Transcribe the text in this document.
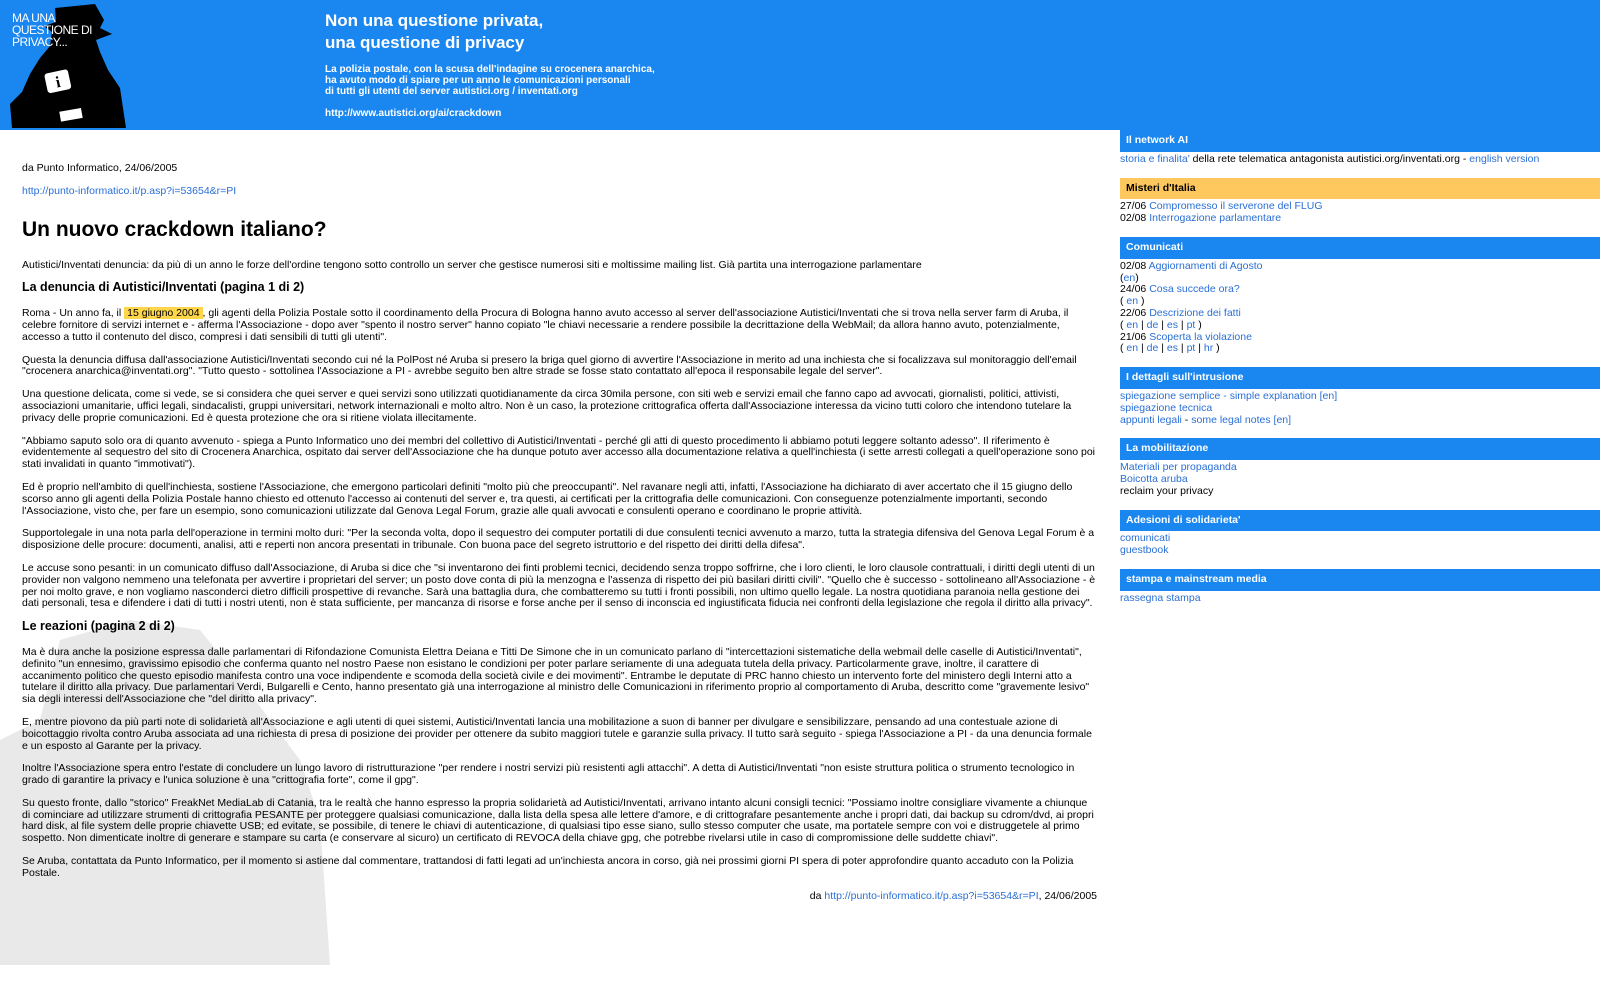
i
MA UNA QUESTIONE DI PRIVACY...
Non una questione privata,
una questione di privacy
La polizia postale, con la scusa dell'indagine su crocenera anarchica,
ha avuto modo di spiare per un anno le comunicazioni personali
di tutti gli utenti del server autistici.org / inventati.org
http://www.autistici.org/ai/crackdown

da Punto Informatico, 24/06/2005

http://punto-informatico.it/p.asp?i=53654&r=PI

Un nuovo crackdown italiano?

Autistici/Inventati denuncia: da più di un anno le forze dell'ordine tengono sotto controllo un server che gestisce numerosi siti e moltissime mailing list. Già partita una interrogazione parlamentare

La denuncia di Autistici/Inventati (pagina 1 di 2)

Roma - Un anno fa, il 15 giugno 2004 , gli agenti della Polizia Postale sotto il coordinamento della Procura di Bologna hanno avuto accesso al server dell'associazione Autistici/Inventati che si trova nella server farm di Aruba, il celebre fornitore di servizi internet e - afferma l'Associazione - dopo aver "spento il nostro server" hanno copiato "le chiavi necessarie a rendere possibile la decrittazione della WebMail; da allora hanno avuto, potenzialmente, accesso a tutto il contenuto del disco, compresi i dati sensibili di tutti gli utenti".

Questa la denuncia diffusa dall'associazione Autistici/Inventati secondo cui né la PolPost né Aruba si presero la briga quel giorno di avvertire l'Associazione in merito ad una inchiesta che si focalizzava sul monitoraggio dell'email "crocenera anarchica@inventati.org". "Tutto questo - sottolinea l'Associazione a PI - avrebbe seguito ben altre strade se fosse stato contattato all'epoca il responsabile legale del server".

Una questione delicata, come si vede, se si considera che quei server e quei servizi sono utilizzati quotidianamente da circa 30mila persone, con siti web e servizi email che fanno capo ad avvocati, giornalisti, politici, attivisti, associazioni umanitarie, uffici legali, sindacalisti, gruppi universitari, network internazionali e molto altro. Non è un caso, la protezione crittografica offerta dall'Associazione interessa da vicino tutti coloro che intendono tutelare la privacy delle proprie comunicazioni. Ed è questa protezione che ora si ritiene violata illecitamente.

"Abbiamo saputo solo ora di quanto avvenuto - spiega a Punto Informatico uno dei membri del collettivo di Autistici/Inventati - perché gli atti di questo procedimento li abbiamo potuti leggere soltanto adesso". Il riferimento è evidentemente al sequestro del sito di Crocenera Anarchica, ospitato dai server dell'Associazione che ha dunque potuto aver accesso alla documentazione relativa a quell'inchiesta (i sette arresti collegati a quell'operazione sono poi stati invalidati in quanto "immotivati").

Ed è proprio nell'ambito di quell'inchiesta, sostiene l'Associazione, che emergono particolari definiti "molto più che preoccupanti". Nel ravanare negli atti, infatti, l'Associazione ha dichiarato di aver accertato che il 15 giugno dello scorso anno gli agenti della Polizia Postale hanno chiesto ed ottenuto l'accesso ai contenuti del server e, tra questi, ai certificati per la crittografia delle comunicazioni. Con conseguenze potenzialmente importanti, secondo l'Associazione, visto che, per fare un esempio, sono comunicazioni utilizzate dal Genova Legal Forum, grazie alle quali avvocati e consulenti operano e coordinano le proprie attività.

Supportolegale in una nota parla dell'operazione in termini molto duri: "Per la seconda volta, dopo il sequestro dei computer portatili di due consulenti tecnici avvenuto a marzo, tutta la strategia difensiva del Genova Legal Forum è a disposizione delle procure: documenti, analisi, atti e reperti non ancora presentati in tribunale. Con buona pace del segreto istruttorio e del rispetto dei diritti della difesa".

Le accuse sono pesanti: in un comunicato diffuso dall'Associazione, di Aruba si dice che "si inventarono dei finti problemi tecnici, decidendo senza troppo soffrirne, che i loro clienti, le loro clausole contrattuali, i diritti degli utenti di un provider non valgono nemmeno una telefonata per avvertire i proprietari del server; un posto dove conta di più la menzogna e l'assenza di rispetto dei più basilari diritti civili". "Quello che è successo - sottolineano all'Associazione - è per noi molto grave, e non vogliamo nasconderci dietro difficili prospettive di revanche. Sarà una battaglia dura, che combatteremo su tutti i fronti possibili, non ultimo quello legale. La nostra quotidiana paranoia nella gestione dei dati personali, tesa e difendere i dati di tutti i nostri utenti, non è stata sufficiente, per mancanza di risorse e forse anche per il senso di inconscia ed ingiustificata fiducia nei confronti della legislazione che regola il diritto alla privacy".

Le reazioni (pagina 2 di 2)

Ma è dura anche la posizione espressa dalle parlamentari di Rifondazione Comunista Elettra Deiana e Titti De Simone che in un comunicato parlano di "intercettazioni sistematiche della webmail delle caselle di Autistici/Inventati", definito "un ennesimo, gravissimo episodio che conferma quanto nel nostro Paese non esistano le condizioni per poter parlare seriamente di una adeguata tutela della privacy. Particolarmente grave, inoltre, il carattere di accanimento politico che questo episodio manifesta contro una voce indipendente e scomoda della società civile e dei movimenti". Entrambe le deputate di PRC hanno chiesto un intervento forte del ministero degli Interni atto a tutelare il diritto alla privacy. Due parlamentari Verdi, Bulgarelli e Cento, hanno presentato già una interrogazione al ministro delle Comunicazioni in riferimento proprio al comportamento di Aruba, descritto come "gravemente lesivo" sia degli interessi dell'Associazione che "del diritto alla privacy".

E, mentre piovono da più parti note di solidarietà all'Associazione e agli utenti di quei sistemi, Autistici/Inventati lancia una mobilitazione a suon di banner per divulgare e sensibilizzare, pensando ad una contestuale azione di boicottaggio rivolta contro Aruba associata ad una richiesta di presa di posizione dei provider per ottenere da subito maggiori tutele e garanzie sulla privacy. Il tutto sarà seguito - spiega l'Associazione a PI - da una denuncia formale e un esposto al Garante per la privacy.

Inoltre l'Associazione spera entro l'estate di concludere un lungo lavoro di ristrutturazione "per rendere i nostri servizi più resistenti agli attacchi". A detta di Autistici/Inventati "non esiste struttura politica o strumento tecnologico in grado di garantire la privacy e l'unica soluzione è una "crittografia forte", come il gpg".

Su questo fronte, dallo "storico" FreakNet MediaLab di Catania, tra le realtà che hanno espresso la propria solidarietà ad Autistici/Inventati, arrivano intanto alcuni consigli tecnici: "Possiamo inoltre consigliare vivamente a chiunque di cominciare ad utilizzare strumenti di crittografia PESANTE per proteggere qualsiasi comunicazione, dalla lista della spesa alle lettere d'amore, e di crittografare pesantemente anche i propri dati, dai backup su cdrom/dvd, ai propri hard disk, al file system delle proprie chiavette USB; ed evitate, se possibile, di tenere le chiavi di autenticazione, di qualsiasi tipo esse siano, sullo stesso computer che usate, ma portatele sempre con voi e distruggetele al primo sospetto. Non dimenticate inoltre di generare e stampare su carta (e conservare al sicuro) un certificato di REVOCA della chiave gpg, che potrebbe rivelarsi utile in caso di compromissione delle suddette chiavi".

Se Aruba, contattata da Punto Informatico, per il momento si astiene dal commentare, trattandosi di fatti legati ad un'inchiesta ancora in corso, già nei prossimi giorni PI spera di poter approfondire quanto accaduto con la Polizia Postale.

da http://punto-informatico.it/p.asp?i=53654&r=PI, 24/06/2005
Il network AI
storia e finalita' della rete telematica antagonista autistici.org/inventati.org - english version
Misteri d'Italia
27/06 Compromesso il serverone del FLUG
02/08 Interrogazione parlamentare
Comunicati
02/08 Aggiornamenti di Agosto
(en)
24/06 Cosa succede ora?
( en )
22/06 Descrizione dei fatti
( en | de | es | pt )
21/06 Scoperta la violazione
( en | de | es | pt | hr )
I dettagli sull'intrusione
spiegazione semplice - simple explanation [en]
spiegazione tecnica
appunti legali - some legal notes [en]
La mobilitazione
Materiali per propaganda
Boicotta aruba
reclaim your privacy
Adesioni di solidarieta'
comunicati
guestbook
stampa e mainstream media
rassegna stampa
